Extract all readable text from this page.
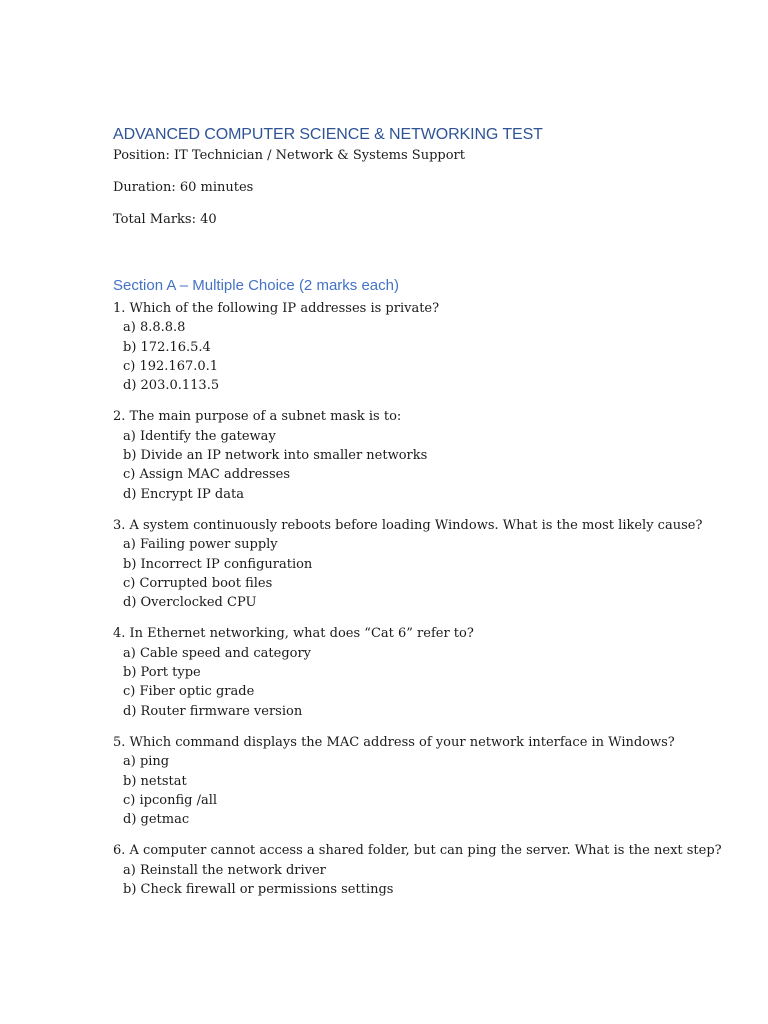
ADVANCED COMPUTER SCIENCE & NETWORKING TEST
Position: IT Technician / Network & Systems Support
Duration: 60 minutes
Total Marks: 40
Section A – Multiple Choice (2 marks each)
1. Which of the following IP addresses is private?
a) 8.8.8.8
b) 172.16.5.4
c) 192.167.0.1
d) 203.0.113.5
2. The main purpose of a subnet mask is to:
a) Identify the gateway
b) Divide an IP network into smaller networks
c) Assign MAC addresses
d) Encrypt IP data
3. A system continuously reboots before loading Windows. What is the most likely cause?
a) Failing power supply
b) Incorrect IP configuration
c) Corrupted boot files
d) Overclocked CPU
4. In Ethernet networking, what does “Cat 6” refer to?
a) Cable speed and category
b) Port type
c) Fiber optic grade
d) Router firmware version
5. Which command displays the MAC address of your network interface in Windows?
a) ping
b) netstat
c) ipconfig /all
d) getmac
6. A computer cannot access a shared folder, but can ping the server. What is the next step?
a) Reinstall the network driver
b) Check firewall or permissions settings
